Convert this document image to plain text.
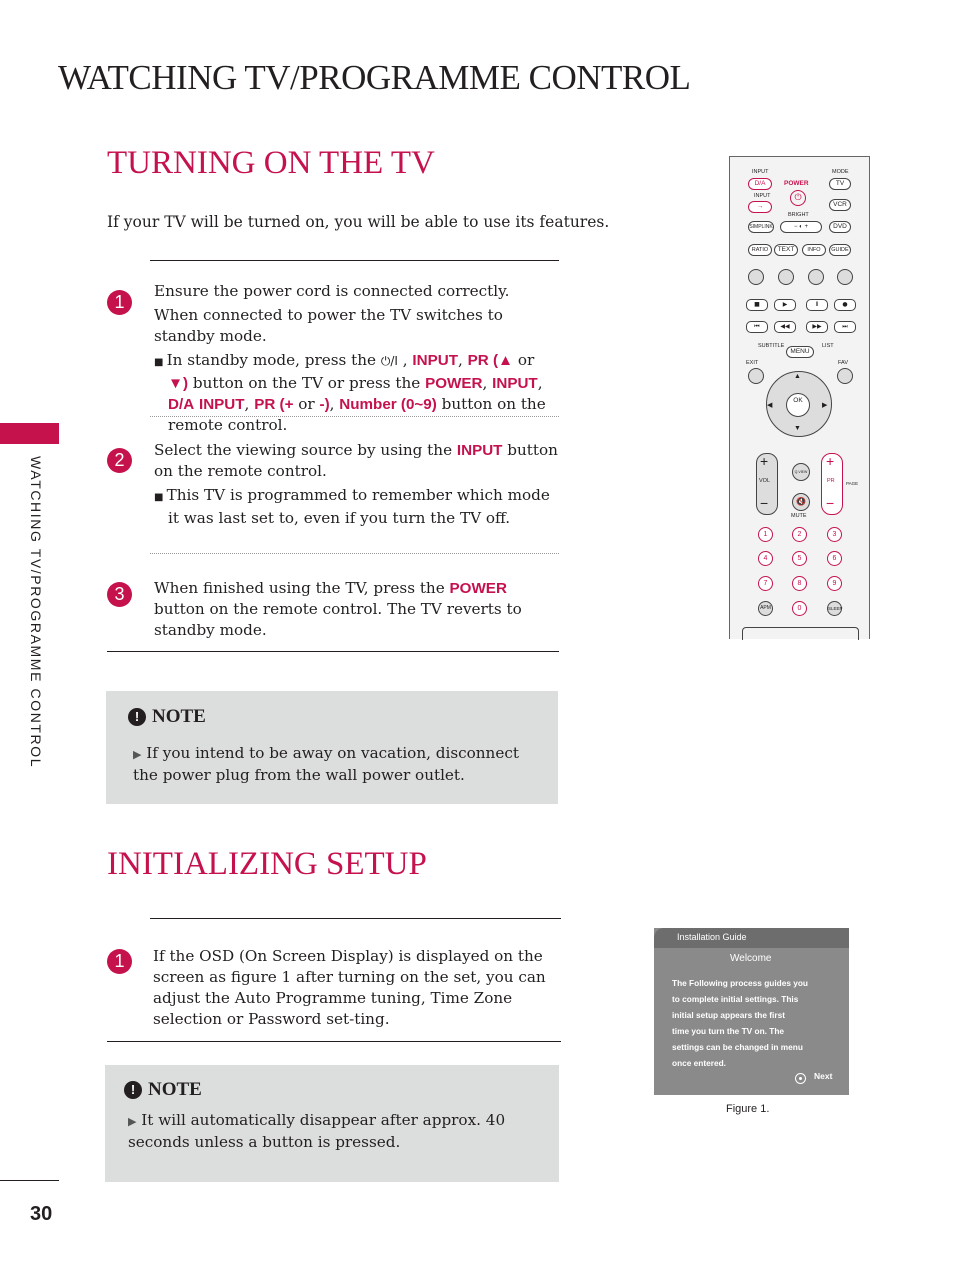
WATCHING TV/PROGRAMME CONTROL
WATCHING TV/PROGRAMME CONTROL
30
TURNING ON THE TV
If your TV will be turned on, you will be able to use its features.
1
Ensure the power cord is connected correctly.
When connected to power the TV switches to standby mode.
■ In standby mode, press the ⏻/I , INPUT, PR (▲ or ▼) button on the TV or press the POWER, INPUT, D/A INPUT, PR (+ or -), Number (0~9) button on the remote control.
2	Select the viewing source by using the INPUT button on the remote control.
■ This TV is programmed to remember which mode it was last set to, even if you turn the TV off.
3	When finished using the TV, press the POWER button on the remote control. The TV reverts to standby mode.
! NOTE
▶ If you intend to be away on vacation, disconnect the power plug from the wall power outlet.
INITIALIZING SETUP
1	If the OSD (On Screen Display) is displayed on the screen as figure 1 after turning on the set, you can adjust the Auto Programme tuning, Time Zone selection or Password set-ting.
! NOTE
▶ It will automatically disappear after approx. 40 seconds unless a button is pressed.
INPUT
D/A
INPUT
→
POWER
⏻
MODE
TV
VCR
BRIGHT
SIMPLINK	− ◐ +	DVD
RATIO	TEXT	INFO	GUIDE
■	▶	Ⅱ	●
⏮	◀◀	▶▶	⏭
SUBTITLE
MENU
LIST
EXIT	FAV
OK
▲
▼
◀	▶
+
VOL
−
+
PR
−
PAGE
Q.VIEW
🔇
MUTE
1	2	3
4	5	6
7	8	9
APM	0	SLEEP
Installation Guide
Welcome
The Following process guides you
to complete initial settings. This
initial setup appears the first
time you turn the TV on. The
settings can be changed in menu
once entered.
Next
Figure 1.
